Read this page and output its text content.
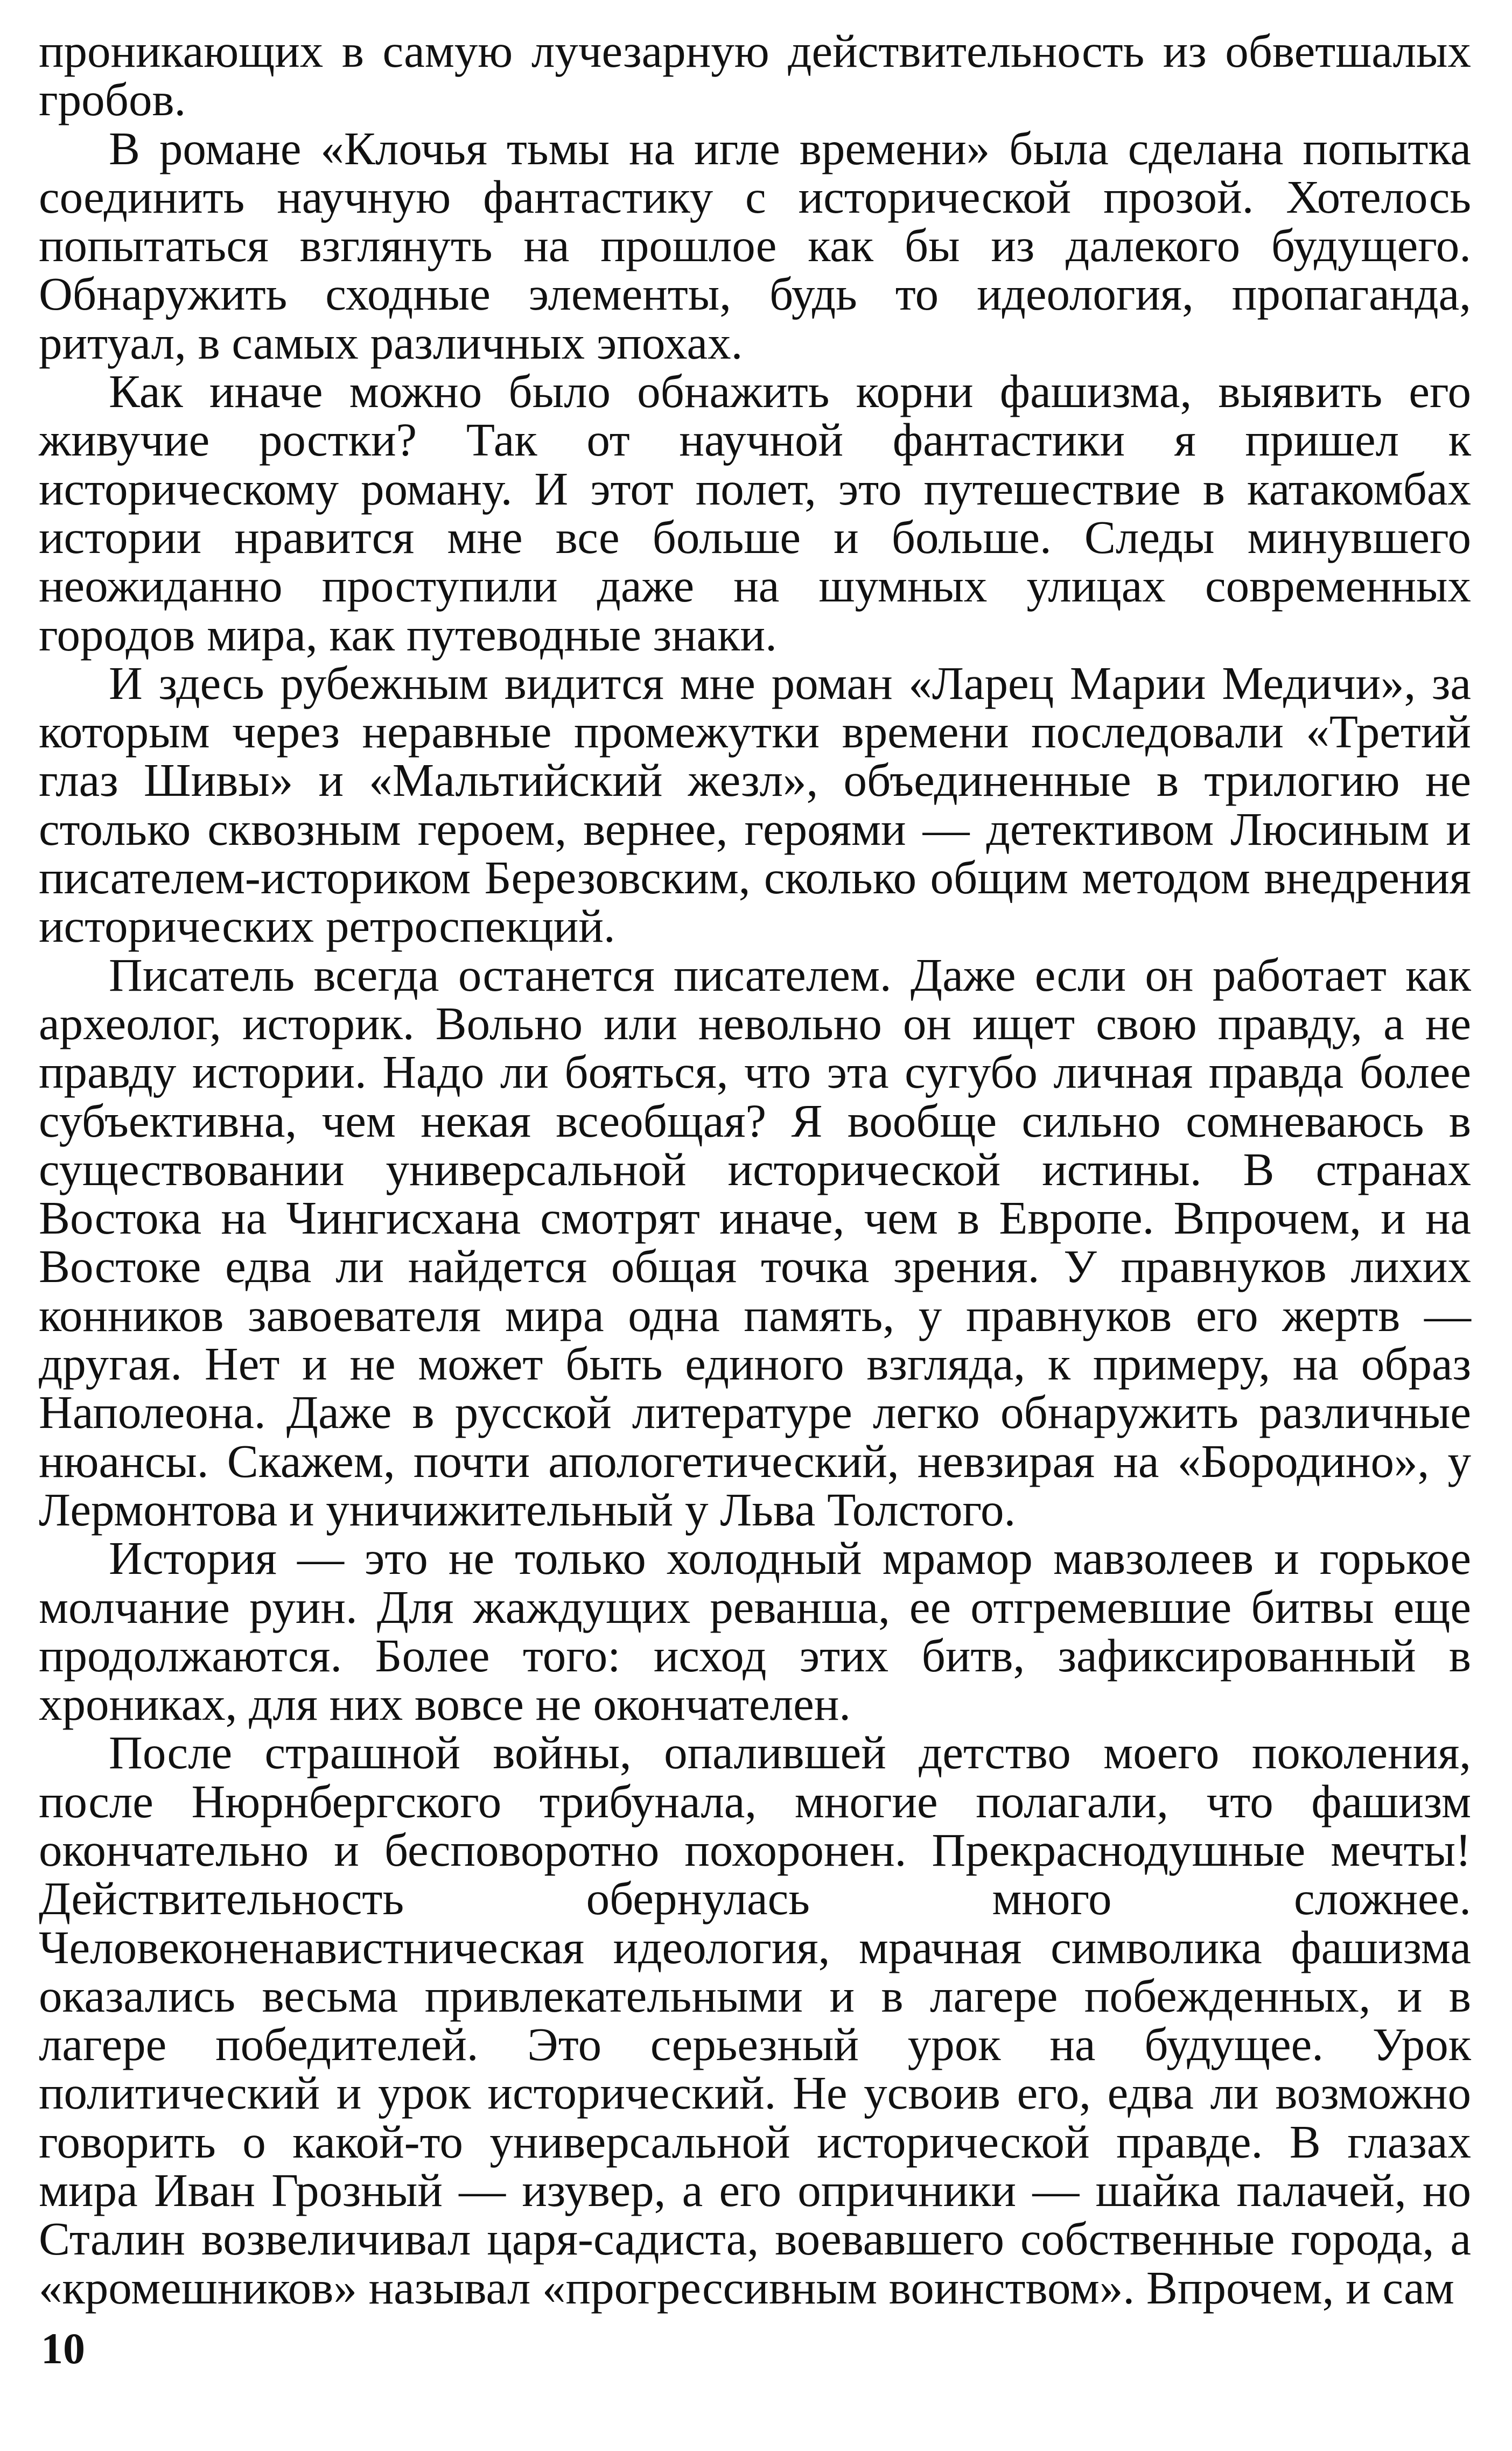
проникающих в самую лучезарную действительность из обветшалых гробов.

В романе «Клочья тьмы на игле времени» была сделана попытка соединить научную фантастику с исторической прозой. Хотелось попытаться взглянуть на прошлое как бы из далекого будущего. Обнаружить сходные элементы, будь то идеология, пропаганда, ритуал, в самых различных эпохах.

Как иначе можно было обнажить корни фашизма, выявить его живучие ростки? Так от научной фантастики я пришел к историческому роману. И этот полет, это путешествие в катакомбах истории нравится мне все больше и больше. Следы минувшего неожиданно проступили даже на шумных улицах современных городов мира, как путеводные знаки.

И здесь рубежным видится мне роман «Ларец Марии Медичи», за которым через неравные промежутки времени последовали «Третий глаз Шивы» и «Мальтийский жезл», объединенные в трилогию не столько сквозным героем, вернее, героями — детективом Люсиным и писателем-историком Березовским, сколько общим методом внедрения исторических ретроспекций.

Писатель всегда останется писателем. Даже если он работает как археолог, историк. Вольно или невольно он ищет свою правду, а не правду истории. Надо ли бояться, что эта сугубо личная правда более субъективна, чем некая всеобщая? Я вообще сильно сомневаюсь в существовании универсальной исторической истины. В странах Востока на Чингисхана смотрят иначе, чем в Европе. Впрочем, и на Востоке едва ли найдется общая точка зрения. У правнуков лихих конников завоевателя мира одна память, у правнуков его жертв — другая. Нет и не может быть единого взгляда, к примеру, на образ Наполеона. Даже в русской литературе легко обнаружить различные нюансы. Скажем, почти апологетический, невзирая на «Бородино», у Лермонтова и уничижительный у Льва Толстого.

История — это не только холодный мрамор мавзолеев и горькое молчание руин. Для жаждущих реванша, ее отгремевшие битвы еще продолжаются. Более того: исход этих битв, зафиксированный в хрониках, для них вовсе не окончателен.

После страшной войны, опалившей детство моего поколения, после Нюрнбергского трибунала, многие полагали, что фашизм окончательно и бесповоротно похоронен. Прекраснодушные мечты! Действительность обернулась много сложнее. Человеконенавистническая идеология, мрачная символика фашизма оказались весьма привлекательными и в лагере побежденных, и в лагере победителей. Это серьезный урок на будущее. Урок политический и урок исторический. Не усвоив его, едва ли возможно говорить о какой-то универсальной исторической правде. В глазах мира Иван Грозный — изувер, а его опричники — шайка палачей, но Сталин возвеличивал царя-садиста, воевавшего собственные города, а «кромешников» называл «прогрессивным воинством». Впрочем, и сам

10
